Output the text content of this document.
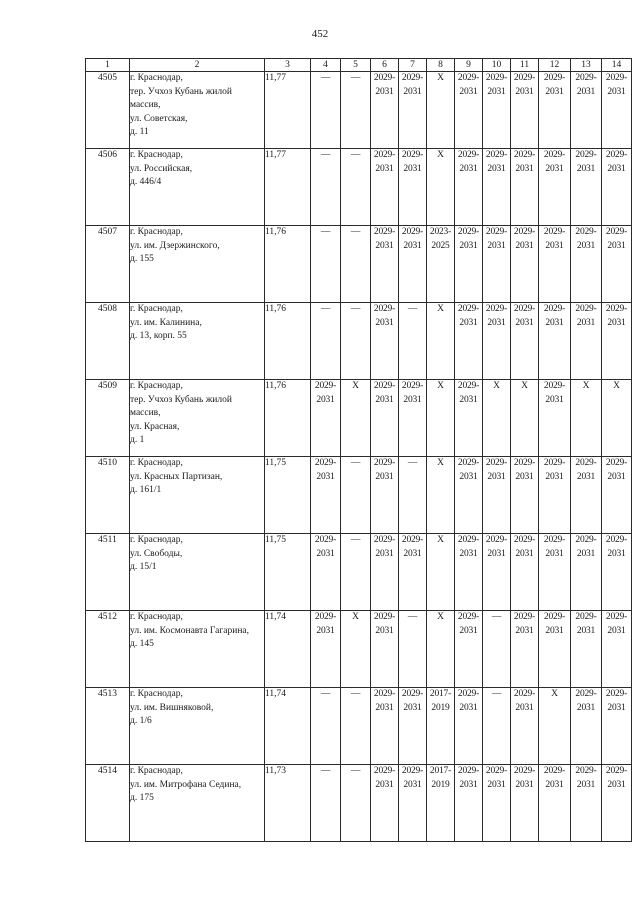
452
1	2	3	4	5	6	7	8	9	10	11	12	13	14
4505	г. Краснодар,
тер. Учхоз Кубань жилой массив,
ул. Советская,
д. 11	11,77	—	—	2029-
2031	2029-
2031	X	2029-
2031	2029-
2031	2029-
2031	2029-
2031	2029-
2031	2029-
2031
4506	г. Краснодар,
ул. Российская,
д. 446/4	11,77	—	—	2029-
2031	2029-
2031	X	2029-
2031	2029-
2031	2029-
2031	2029-
2031	2029-
2031	2029-
2031
4507	г. Краснодар,
ул. им. Дзержинского,
д. 155	11,76	—	—	2029-
2031	2029-
2031	2023-
2025	2029-
2031	2029-
2031	2029-
2031	2029-
2031	2029-
2031	2029-
2031
4508	г. Краснодар,
ул. им. Калинина,
д. 13, корп. 55	11,76	—	—	2029-
2031	—	X	2029-
2031	2029-
2031	2029-
2031	2029-
2031	2029-
2031	2029-
2031
4509	г. Краснодар,
тер. Учхоз Кубань жилой массив,
ул. Красная,
д. 1	11,76	2029-
2031	X	2029-
2031	2029-
2031	X	2029-
2031	X	X	2029-
2031	X	X
4510	г. Краснодар,
ул. Красных Партизан,
д. 161/1	11,75	2029-
2031	—	2029-
2031	—	X	2029-
2031	2029-
2031	2029-
2031	2029-
2031	2029-
2031	2029-
2031
4511	г. Краснодар,
ул. Свободы,
д. 15/1	11,75	2029-
2031	—	2029-
2031	2029-
2031	X	2029-
2031	2029-
2031	2029-
2031	2029-
2031	2029-
2031	2029-
2031
4512	г. Краснодар,
ул. им. Космонавта Гагарина,
д. 145	11,74	2029-
2031	X	2029-
2031	—	X	2029-
2031	—	2029-
2031	2029-
2031	2029-
2031	2029-
2031
4513	г. Краснодар,
ул. им. Вишняковой,
д. 1/6	11,74	—	—	2029-
2031	2029-
2031	2017-
2019	2029-
2031	—	2029-
2031	X	2029-
2031	2029-
2031
4514	г. Краснодар,
ул. им. Митрофана Седина,
д. 175	11,73	—	—	2029-
2031	2029-
2031	2017-
2019	2029-
2031	2029-
2031	2029-
2031	2029-
2031	2029-
2031	2029-
2031
